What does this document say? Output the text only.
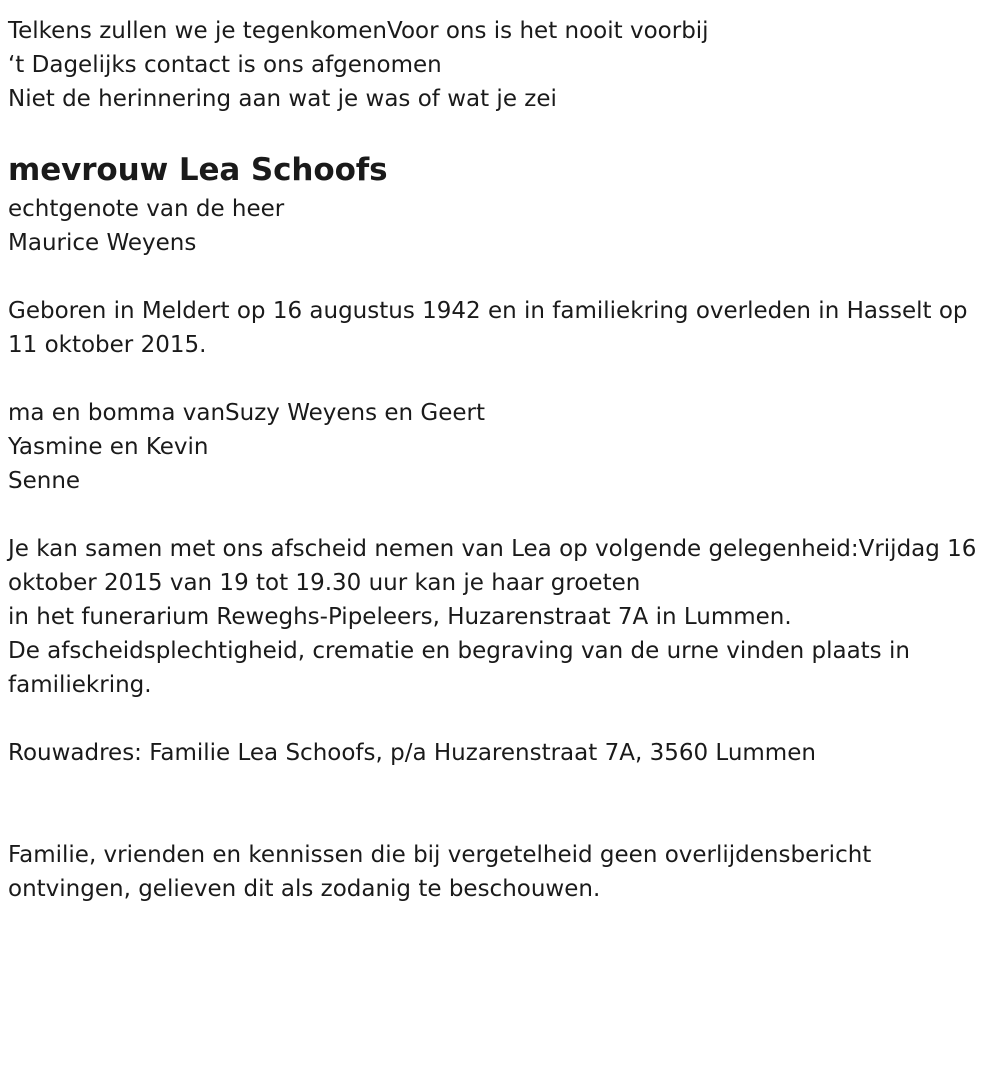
Telkens zullen we je tegenkomenVoor ons is het nooit voorbij
‘t Dagelijks contact is ons afgenomen
Niet de herinnering aan wat je was of wat je zei
mevrouw Lea Schoofs
echtgenote van de heer
Maurice Weyens
Geboren in Meldert op 16 augustus 1942 en in familiekring overleden in Hasselt op 11 oktober 2015.
ma en bomma vanSuzy Weyens en Geert
Yasmine en Kevin
Senne
Je kan samen met ons afscheid nemen van Lea op volgende gelegenheid:Vrijdag 16 oktober 2015 van 19 tot 19.30 uur kan je haar groeten
in het funerarium Reweghs-Pipeleers, Huzarenstraat 7A in Lummen.
De afscheidsplechtigheid, crematie en begraving van de urne vinden plaats in familiekring.
Rouwadres: Familie Lea Schoofs, p/a Huzarenstraat 7A, 3560 Lummen
Familie, vrienden en kennissen die bij vergetelheid geen overlijdensbericht ontvingen, gelieven dit als zodanig te beschouwen.
